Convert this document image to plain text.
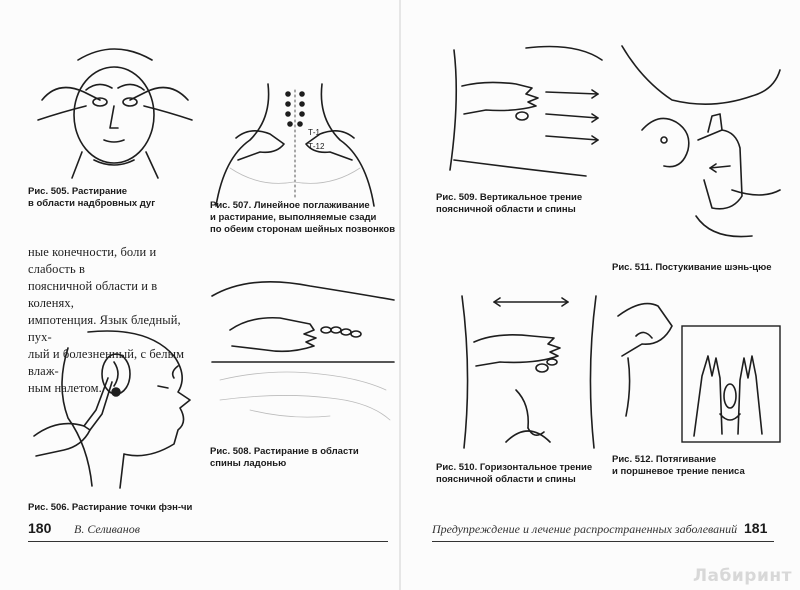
Рис. 505. Растирание
в области надбровных дуг
Т-1
Т-12
Рис. 507. Линейное поглаживание
и растирание, выполняемые сзади
по обеим сторонам шейных позвонков
ные конечности, боли и слабость в
поясничной области и в коленях,
импотенция. Язык бледный, пух-
лый и болезненный, с белым влаж-
ным налетом.
Рис. 506. Растирание точки фэн-чи
Рис. 508. Растирание в области
спины ладонью
180 В. Селиванов
Рис. 509. Вертикальное трение
поясничной области и спины
Рис. 511. Постукивание шэнь-цюе
Рис. 510. Горизонтальное трение
поясничной области и спины
Рис. 512. Потягивание
и поршневое трение пениса
Предупреждение и лечение распространенных заболеваний 181
Лабиринт
